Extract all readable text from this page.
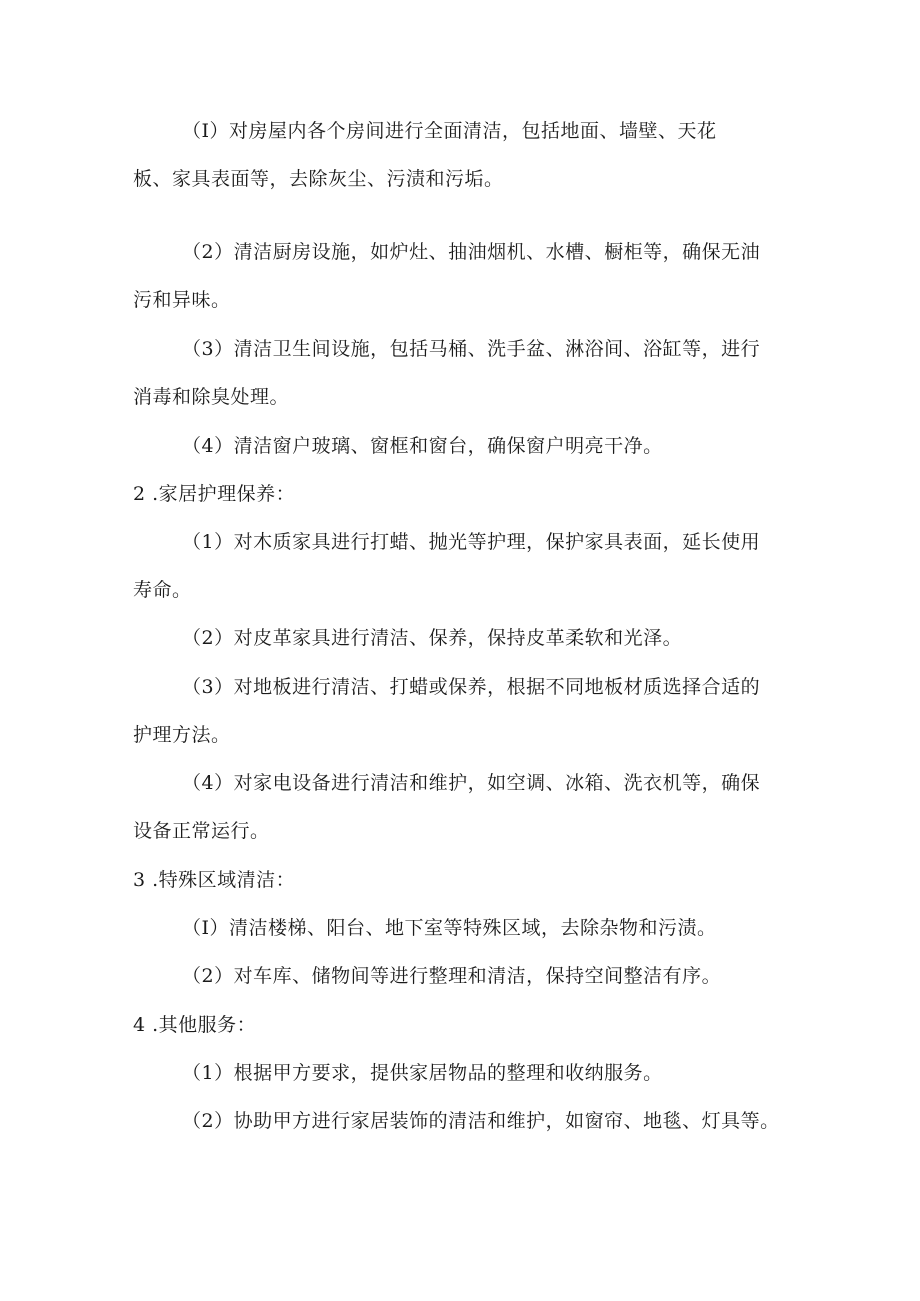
（I）对房屋内各个房间进行全面清洁，包括地面、墙壁、天花
板、家具表面等，去除灰尘、污渍和污垢。
（2）清洁厨房设施，如炉灶、抽油烟机、水槽、橱柜等，确保无油
污和异味。
（3）清洁卫生间设施，包括马桶、洗手盆、淋浴间、浴缸等，进行
消毒和除臭处理。
（4）清洁窗户玻璃、窗框和窗台，确保窗户明亮干净。
2 .家居护理保养：
（1）对木质家具进行打蜡、抛光等护理，保护家具表面，延长使用
寿命。
（2）对皮革家具进行清洁、保养，保持皮革柔软和光泽。
（3）对地板进行清洁、打蜡或保养，根据不同地板材质选择合适的
护理方法。
（4）对家电设备进行清洁和维护，如空调、冰箱、洗衣机等，确保
设备正常运行。
3 .特殊区域清洁：
（I）清洁楼梯、阳台、地下室等特殊区域，去除杂物和污渍。
（2）对车库、储物间等进行整理和清洁，保持空间整洁有序。
4 .其他服务：
（1）根据甲方要求，提供家居物品的整理和收纳服务。
（2）协助甲方进行家居装饰的清洁和维护，如窗帘、地毯、灯具等。
